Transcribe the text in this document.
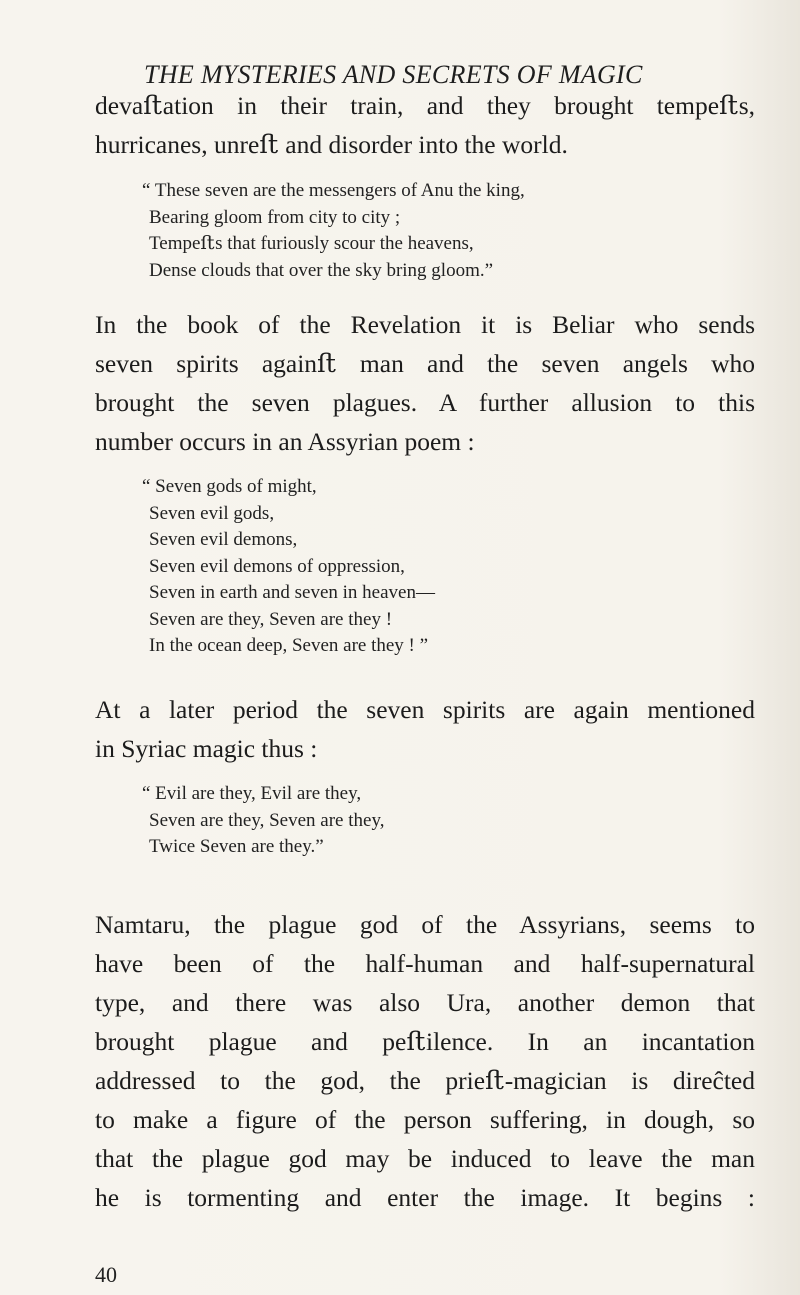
THE MYSTERIES AND SECRETS OF MAGIC
devaﬅation in their train, and they brought tempeﬅs,
hurricanes, unreﬅ and disorder into the world.
“ These seven are the messengers of Anu the king,
Bearing gloom from city to city ;
Tempeﬅs that furiously scour the heavens,
Dense clouds that over the sky bring gloom.”
In the book of the Revelation it is Beliar who sends
seven spirits againﬅ man and the seven angels who
brought the seven plagues. A further allusion to this
number occurs in an Assyrian poem :
“ Seven gods of might,
Seven evil gods,
Seven evil demons,
Seven evil demons of oppression,
Seven in earth and seven in heaven—
Seven are they, Seven are they !
In the ocean deep, Seven are they ! ”
At a later period the seven spirits are again mentioned
in Syriac magic thus :
“ Evil are they, Evil are they,
Seven are they, Seven are they,
Twice Seven are they.”
Namtaru, the plague god of the Assyrians, seems to
have been of the half-human and half-supernatural
type, and there was also Ura, another demon that
brought plague and peﬅilence. In an incantation
addressed to the god, the prieﬅ-magician is direĉted
to make a figure of the person suffering, in dough, so
that the plague god may be induced to leave the man
he is tormenting and enter the image. It begins :
40
